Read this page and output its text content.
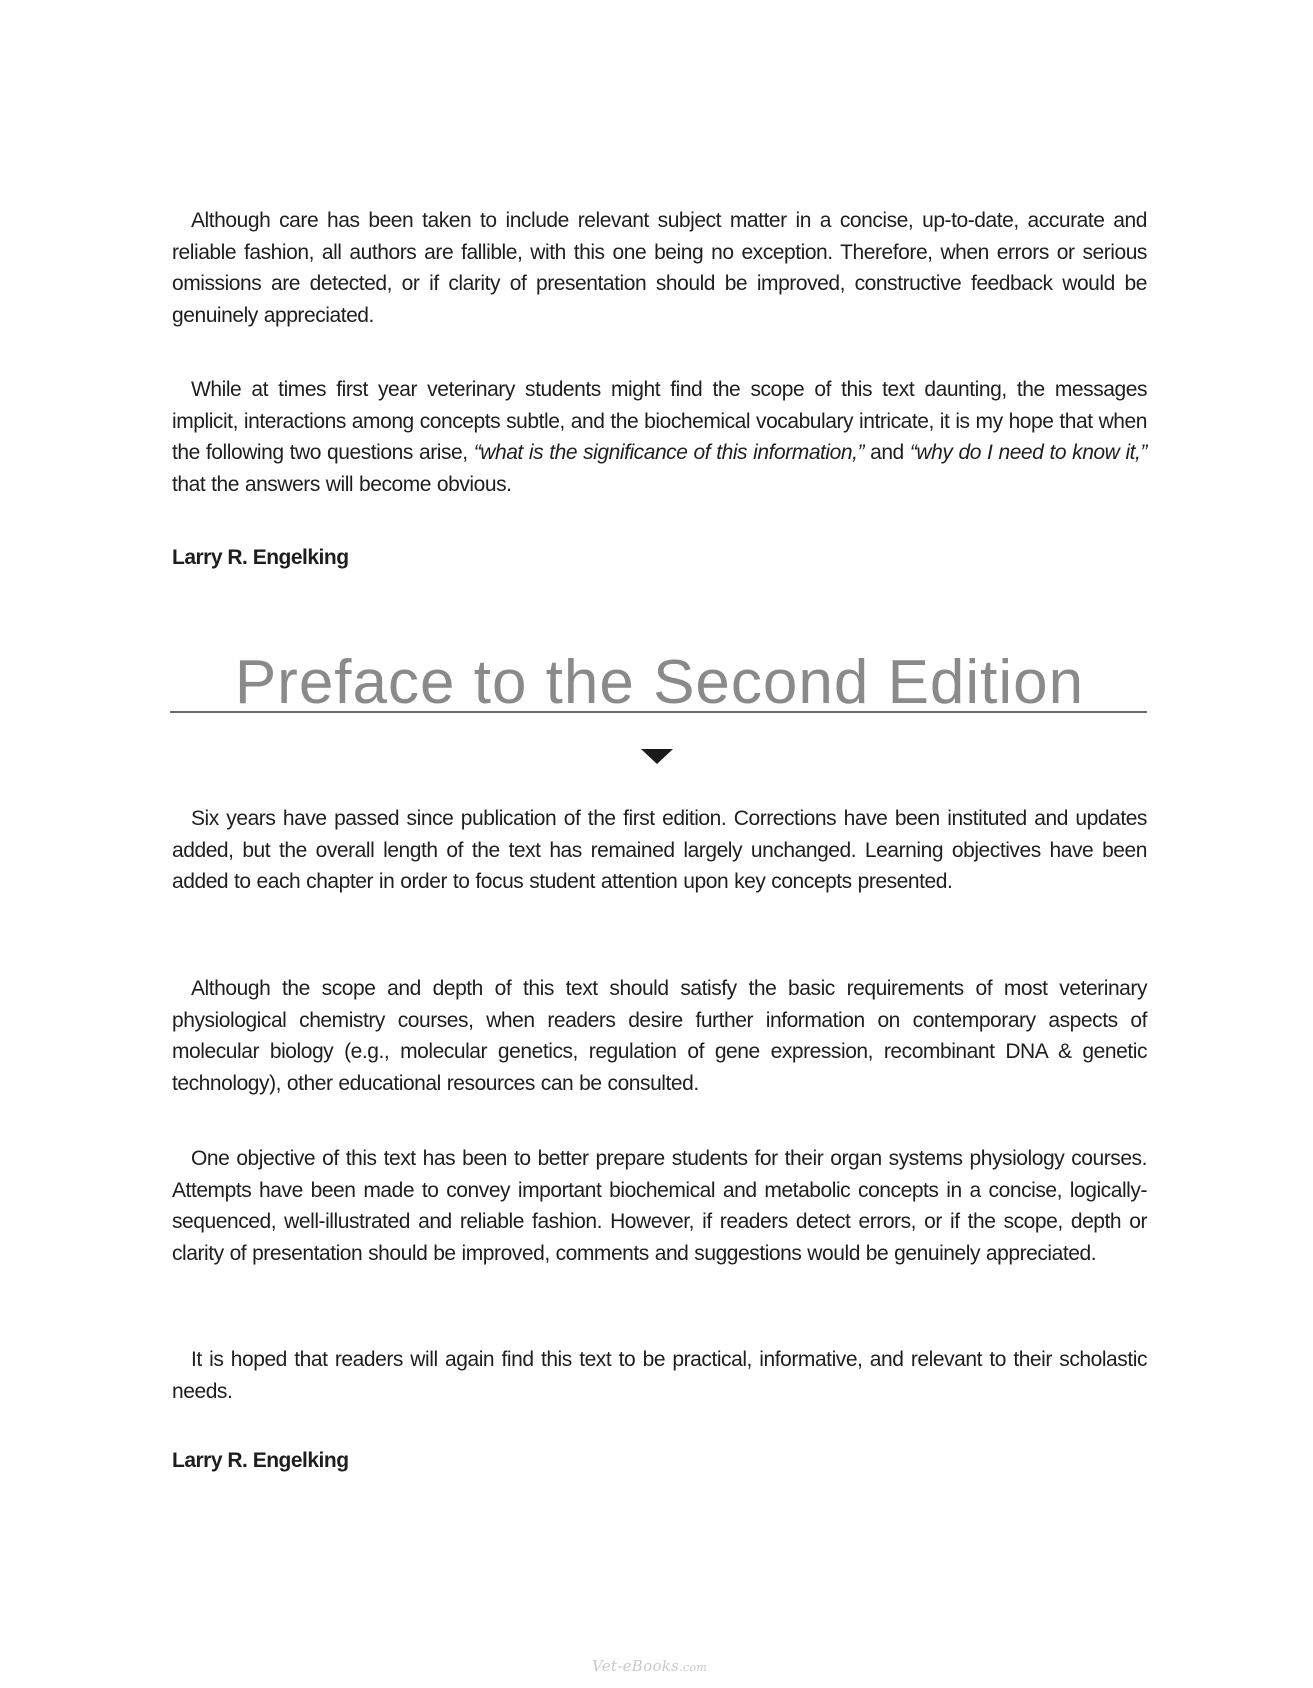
Although care has been taken to include relevant subject matter in a concise, up-to-date, accurate and reliable fashion, all authors are fallible, with this one being no exception. Therefore, when errors or serious omissions are detected, or if clarity of presentation should be improved, constructive feedback would be genuinely appreciated.

While at times first year veterinary students might find the scope of this text daunting, the messages implicit, interactions among concepts subtle, and the biochemical vocabulary intricate, it is my hope that when the following two questions arise, “what is the significance of this information,” and “why do I need to know it,” that the answers will become obvious.

Larry R. Engelking

Preface to the Second Edition

Six years have passed since publication of the first edition. Corrections have been instituted and updates added, but the overall length of the text has remained largely unchanged. Learning objectives have been added to each chapter in order to focus student attention upon key concepts presented.

Although the scope and depth of this text should satisfy the basic requirements of most veterinary physiological chemistry courses, when readers desire further information on contemporary aspects of molecular biology (e.g., molecular genetics, regulation of gene expression, recombinant DNA & genetic technology), other educational resources can be consulted.

One objective of this text has been to better prepare students for their organ systems physiology courses. Attempts have been made to convey important biochemical and metabolic concepts in a concise, logically-sequenced, well-illustrated and reliable fashion. However, if readers detect errors, or if the scope, depth or clarity of presentation should be improved, comments and suggestions would be genuinely appreciated.

It is hoped that readers will again find this text to be practical, informative, and relevant to their scholastic needs.

Larry R. Engelking

Vet-eBooks.com
